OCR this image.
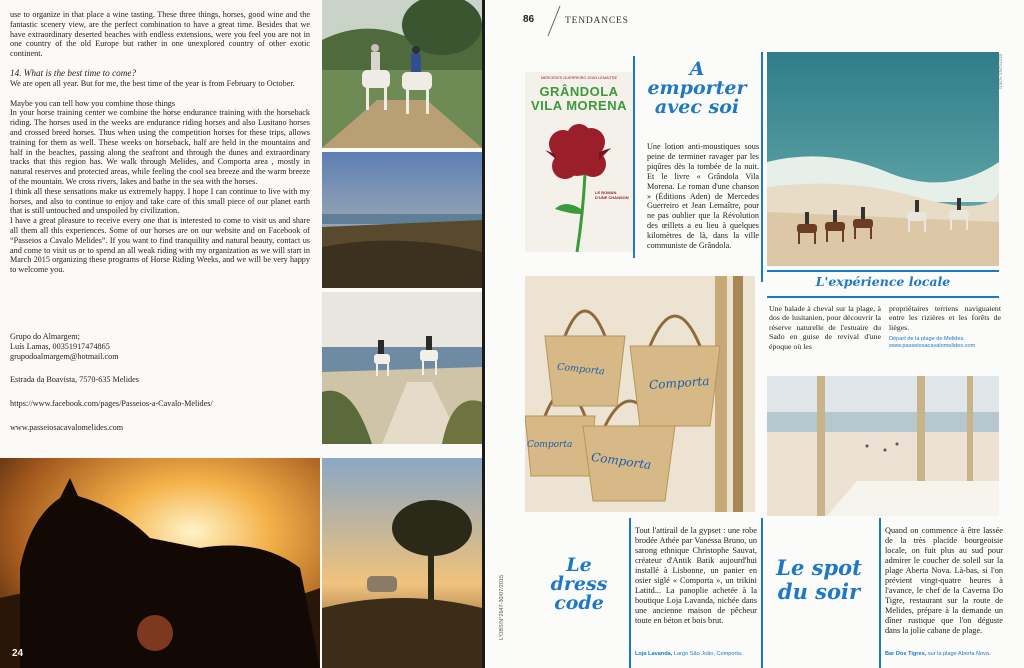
use to organize in that place a wine tasting. These three things, horses, good wine and the fantastic scenery view, are the perfect combination to have a great time. Besides that we have extraordinary deserted beaches with endless extensions, were you feel you are not in one country of the old Europe but rather in one unexplored country of other exotic continent.

14. What is the best time to come?

We are open all year. But for me, the best time of the year is from February to October.

Maybe you can tell how you combine those things

In your horse training center we combine the horse endurance training with the horseback riding. The horses used in the weeks are endurance riding horses and also Lusitano horses and crossed breed horses. Thus when using the competition horses for these trips, allows training for them as well. These weeks on horseback, half are held in the mountains and half in the beaches, passing along the seafront and through the dunes and extraordinary tracks that this region has. We walk through Melides, and Comporta area , mostly in natural reserves and protected areas, while feeling the cool sea breeze and the warm breeze of the mountain. We cross rivers, lakes and bathe in the sea with the horses.

I think all these sensations make us extremely happy. I hope I can continue to live with my horses, and also to continue to enjoy and take care of this small piece of our planet earth that is still untouched and unspoiled by civilization.

I have a great pleasure to receive every one that is interested to come to visit us and share all them all this experiences. Some of our horses are on our website and on Facebook of “Passeios a Cavalo Melides”. If you want to find tranquility and natural beauty, contact us and come to visit us or to spend an all weak riding with my organization as we will start in March 2015 organizing these programs of Horse Riding Weeks, and we will be very happy to welcome you.

Grupo do Almargem;

Luís Lamas, 00351917474865

grupodoalmargem@hotmail.com

Estrada da Boavista, 7570-635 Melides

https://www.facebook.com/pages/Passeios-a-Cavalo-Melides/

www.passeiosacavalomelides.com

24
86	TENDANCES
L'OBS/N°2647-30/07/2015
MERCEDES GUERREIRO JEAN LEMAITRE
GRÂNDOLA
VILA MORENA
LE ROMAN D'UNE CHANSON
A
emporter
avec soi
Une lotion anti-moustiques sous peine de terminer ravager par les piqûres dès la tombée de la nuit. Et le livre « Grândola Vila Morena. Le roman d'une chanson » (Éditions Aden) de Mercedes Guerreiro et Jean Lemaître, pour ne pas oublier que la Révolution des œillets a eu lieu à quelques kilomètres de là, dans la ville communiste de Grândola.
ÉDITIONS ADEN
L'expérience locale
Une balade à cheval sur la plage, à dos de lusitanien, pour découvrir la réserve naturelle de l'estuaire du Sado en guise de revival d'une époque où les
propriétaires terriens naviguaient entre les rizières et les forêts de lièges.
Départ de la plage de Melides.
www.passeiosacavalomelides.com
Comporta
Comporta
Comporta
Comporta
Le
dress
code
Tout l'attirail de la gypset : une robe brodée Athée par Vanessa Bruno, un sarong ethnique Christophe Sauvat, créateur d'Antik Batik aujourd'hui installé à Lisbonne, un panier en osier siglé « Comporta », un trikini Latitd... La panoplie achetée à la boutique Loja Lavanda, nichée dans une ancienne maison de pêcheur toute en béton et bois brut.
Loja Lavanda, Largo São João, Comporta.
Le spot
du soir
Quand on commence à être lassée de la très placide bourgeoisie locale, on fuit plus au sud pour admirer le coucher de soleil sur la plage Aberta Nova. Là-bas, si l'on prévient vingt-quatre heures à l'avance, le chef de la Caverna Do Tigre, restaurant sur la route de Melides, prépare à la demande un dîner rustique que l'on déguste dans la jolie cabane de plage.
Bar Dos Tigres, sur la plage Aberta Nova.
